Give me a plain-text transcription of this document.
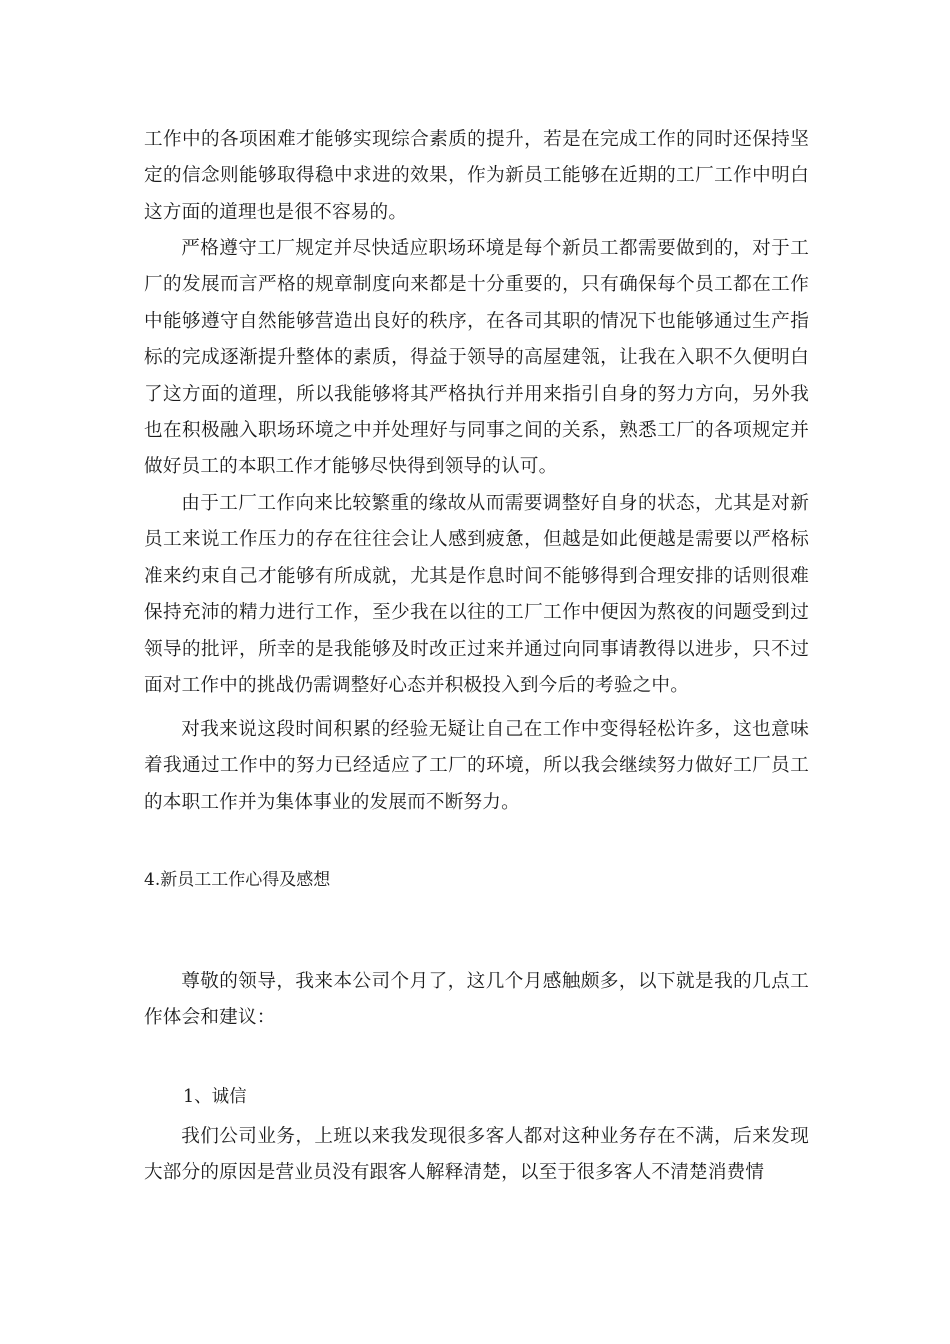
工作中的各项困难才能够实现综合素质的提升，若是在完成工作的同时还保持坚定的信念则能够取得稳中求进的效果，作为新员工能够在近期的工厂工作中明白这方面的道理也是很不容易的。

严格遵守工厂规定并尽快适应职场环境是每个新员工都需要做到的，对于工厂的发展而言严格的规章制度向来都是十分重要的，只有确保每个员工都在工作中能够遵守自然能够营造出良好的秩序，在各司其职的情况下也能够通过生产指标的完成逐渐提升整体的素质，得益于领导的高屋建瓴，让我在入职不久便明白了这方面的道理，所以我能够将其严格执行并用来指引自身的努力方向，另外我也在积极融入职场环境之中并处理好与同事之间的关系，熟悉工厂的各项规定并做好员工的本职工作才能够尽快得到领导的认可。

由于工厂工作向来比较繁重的缘故从而需要调整好自身的状态，尤其是对新员工来说工作压力的存在往往会让人感到疲惫，但越是如此便越是需要以严格标准来约束自己才能够有所成就，尤其是作息时间不能够得到合理安排的话则很难保持充沛的精力进行工作，至少我在以往的工厂工作中便因为熬夜的问题受到过领导的批评，所幸的是我能够及时改正过来并通过向同事请教得以进步，只不过面对工作中的挑战仍需调整好心态并积极投入到今后的考验之中。

对我来说这段时间积累的经验无疑让自己在工作中变得轻松许多，这也意味着我通过工作中的努力已经适应了工厂的环境，所以我会继续努力做好工厂员工的本职工作并为集体事业的发展而不断努力。

4.新员工工作心得及感想

尊敬的领导，我来本公司个月了，这几个月感触颇多，以下就是我的几点工作体会和建议：

1、诚信

我们公司业务，上班以来我发现很多客人都对这种业务存在不满，后来发现大部分的原因是营业员没有跟客人解释清楚，以至于很多客人不清楚消费情
